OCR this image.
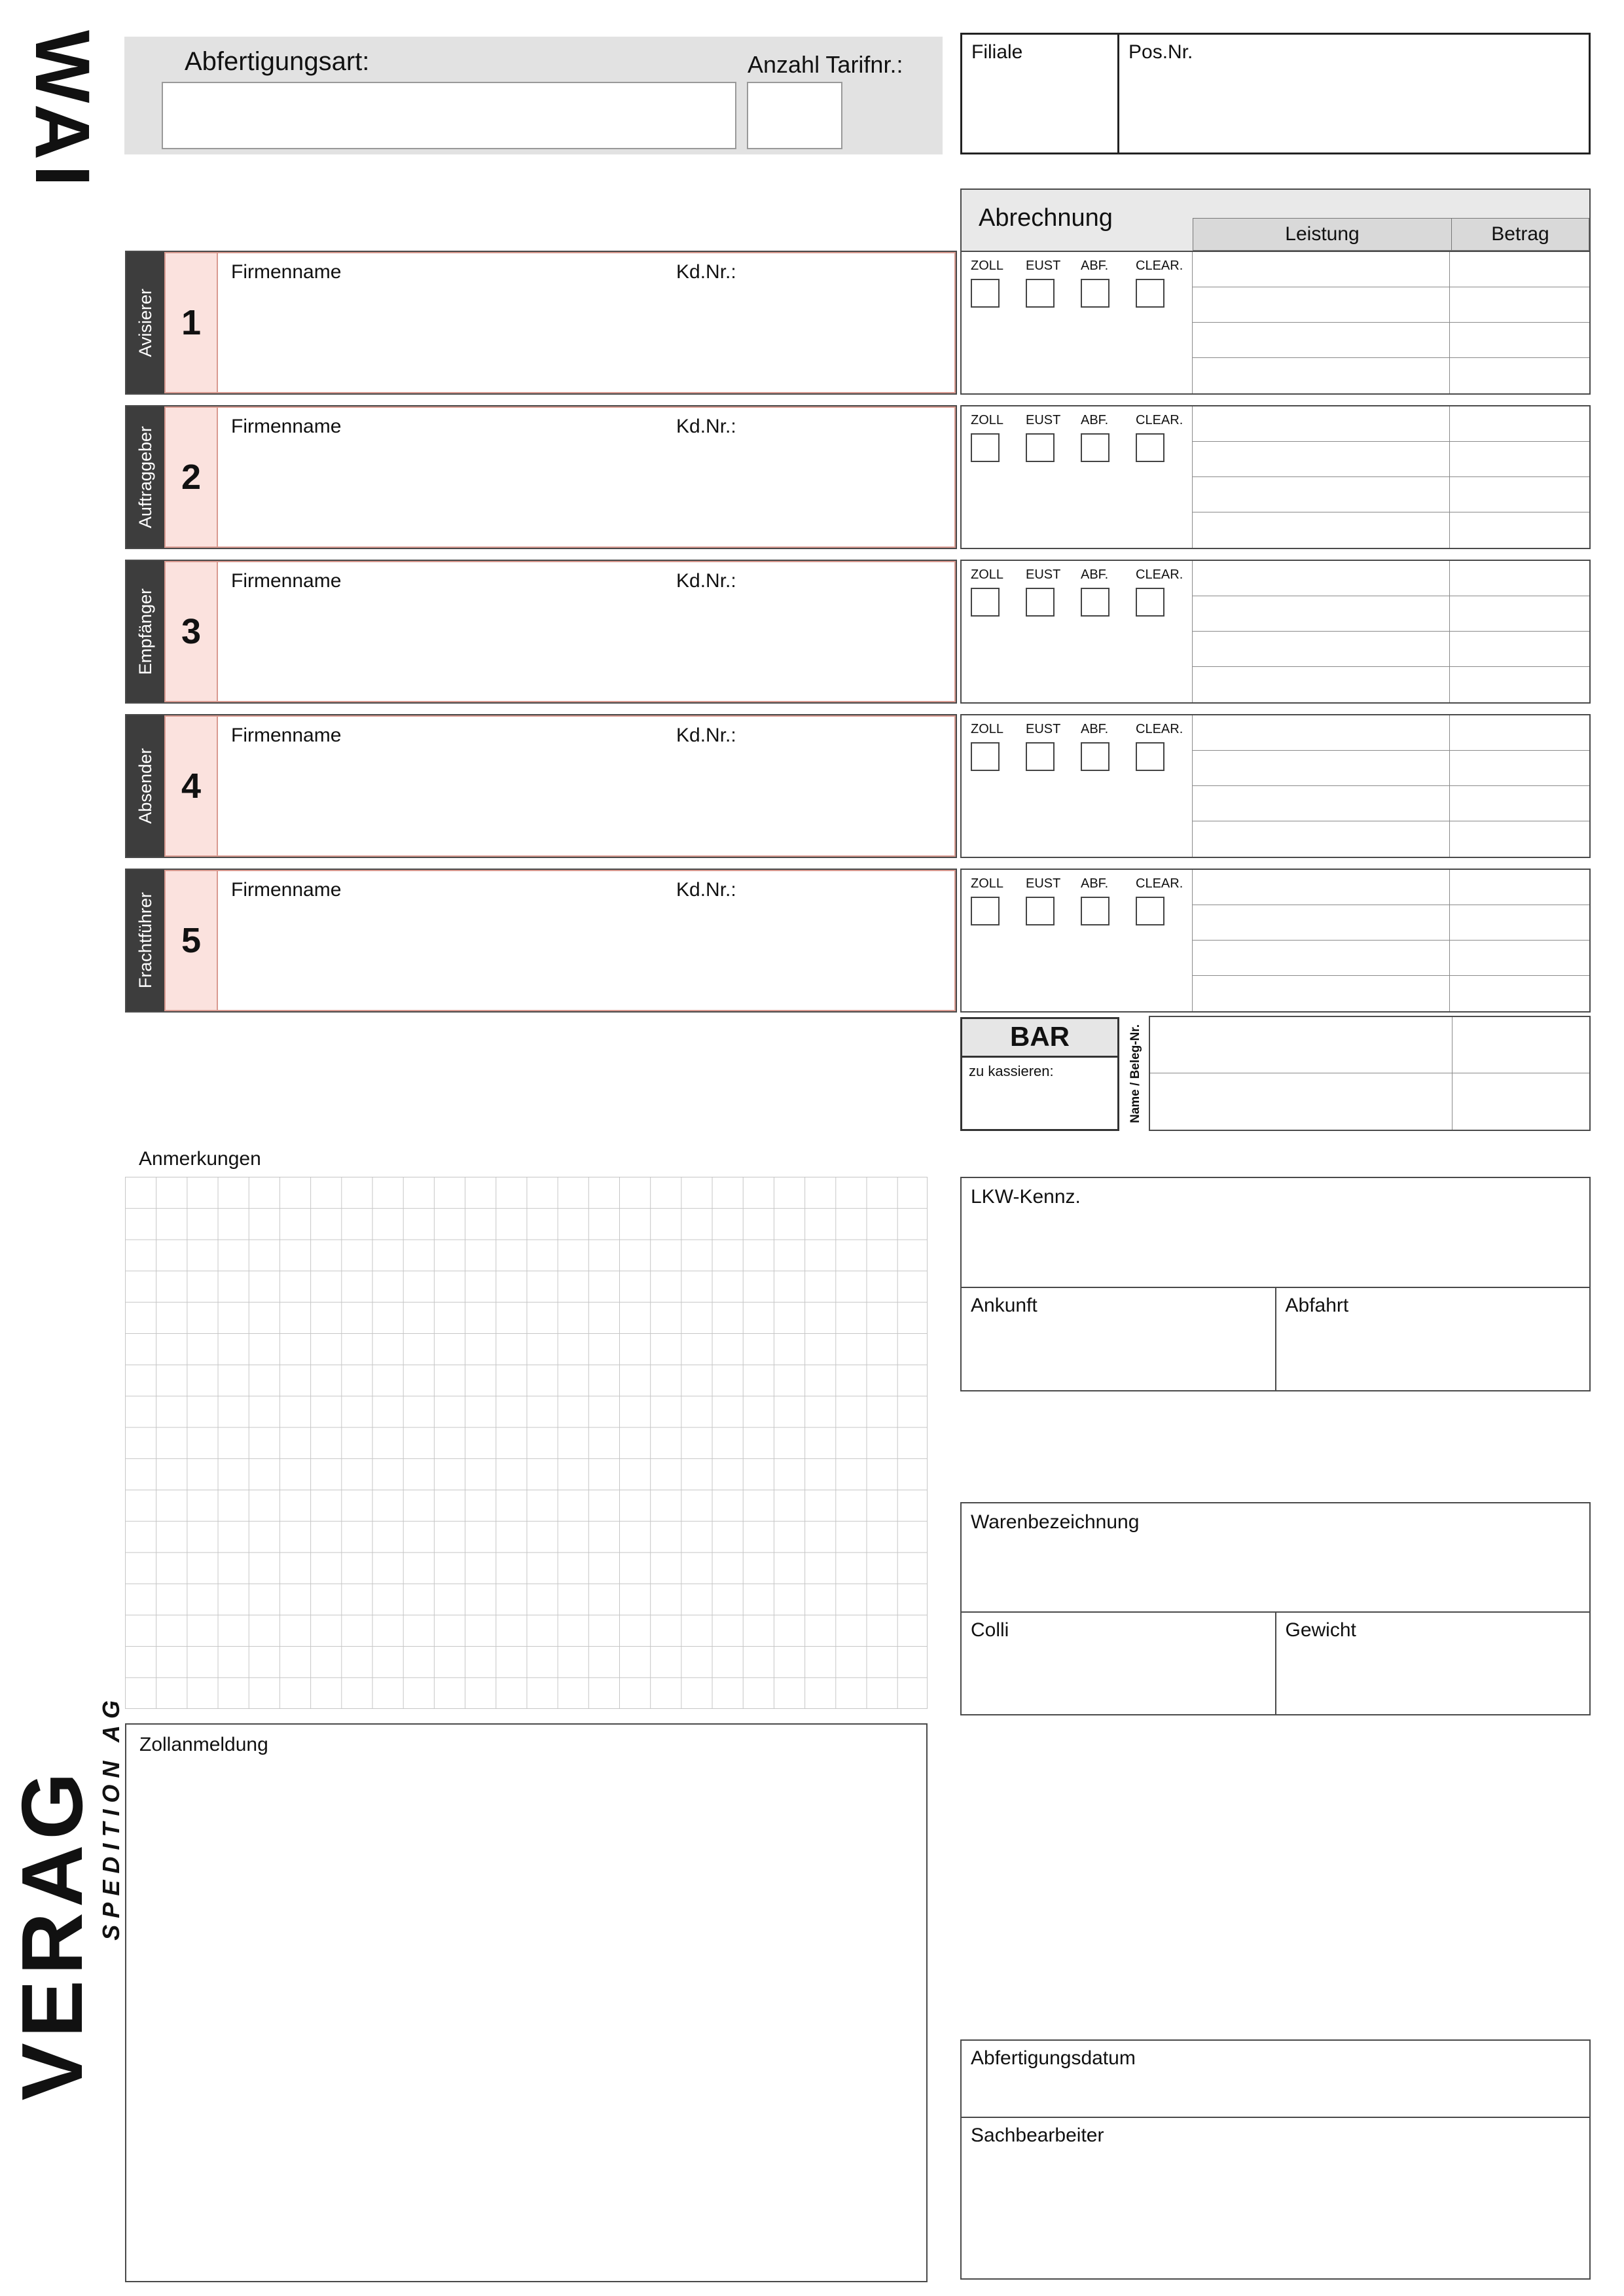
WAI	Abfertigungsart:	Anzahl Tarifnr.:	Filiale	Pos.Nr.
Abrechnung
Leistung	Betrag
Avisierer 1
Firmenname	Kd.Nr.:	ZOLL	EUST	ABF.	CLEAR.
Auftraggeber 2
Firmenname	Kd.Nr.:	ZOLL	EUST	ABF.	CLEAR.
Empfänger 3
Firmenname	Kd.Nr.:	ZOLL	EUST	ABF.	CLEAR.
Absender 4
Firmenname	Kd.Nr.:	ZOLL	EUST	ABF.	CLEAR.
Frachtführer 5
Firmenname	Kd.Nr.:	ZOLL	EUST	ABF.	CLEAR.
BAR
zu kassieren:	Name / Beleg-Nr.
Anmerkungen
LKW-Kennz.
Ankunft	Abfahrt
Warenbezeichnung
Colli	Gewicht
Zollanmeldung
Abfertigungsdatum
Sachbearbeiter
VERAG
SPEDITION AG
